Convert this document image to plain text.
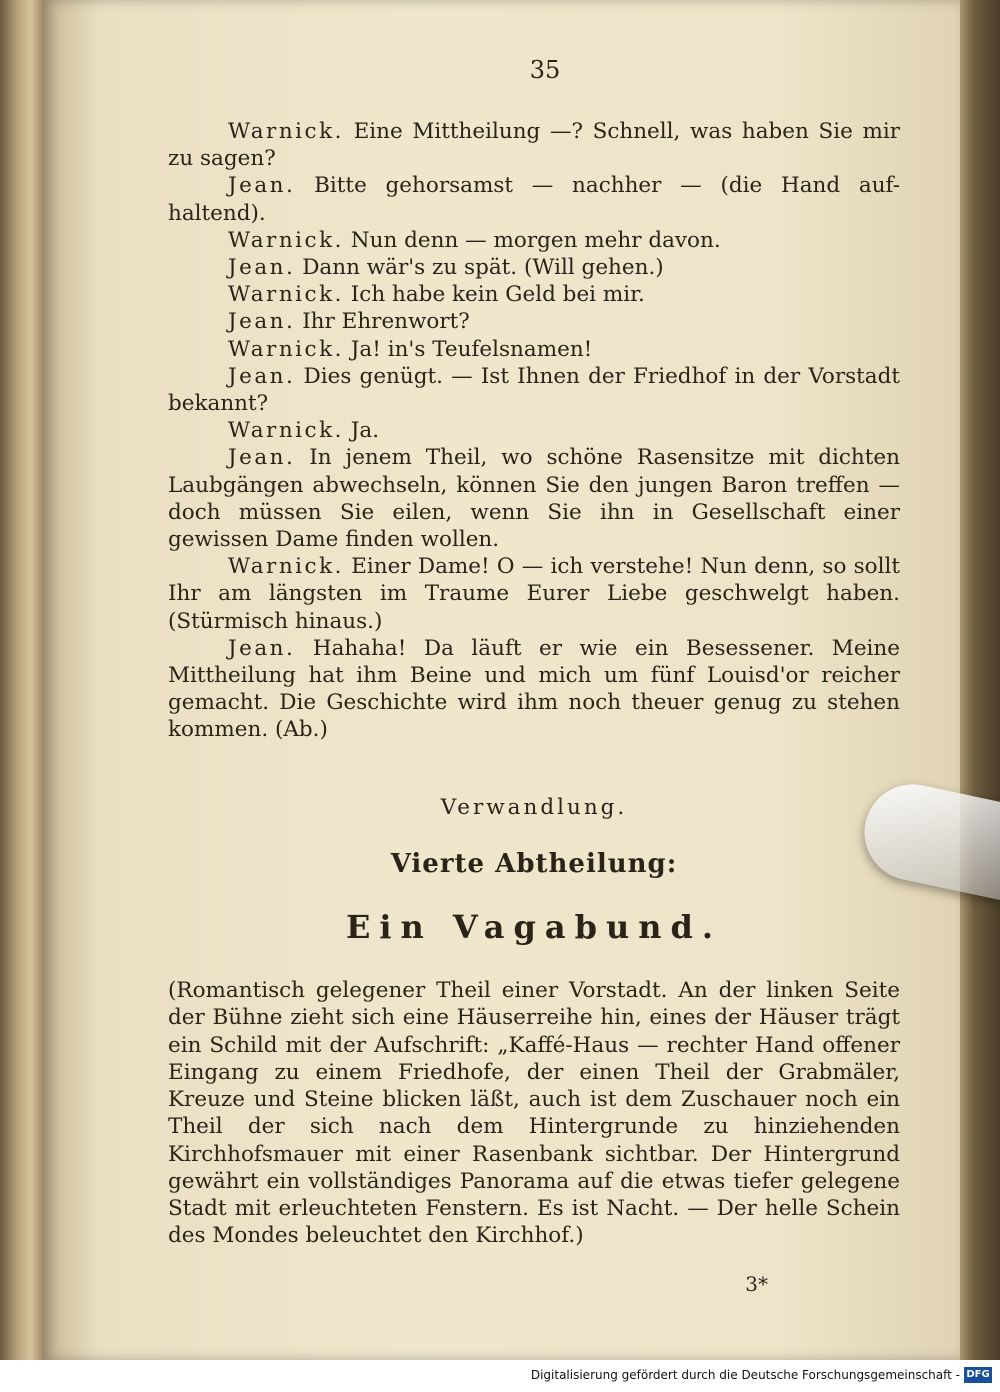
35

Warnick. Eine Mittheilung —? Schnell, was haben Sie mir zu sagen?

Jean. Bitte gehorsamst — nachher — (die Hand auf-haltend).

Warnick. Nun denn — morgen mehr davon.

Jean. Dann wär's zu spät. (Will gehen.)

Warnick. Ich habe kein Geld bei mir.

Jean. Ihr Ehrenwort?

Warnick. Ja! in's Teufelsnamen!

Jean. Dies genügt. — Ist Ihnen der Friedhof in der Vorstadt bekannt?

Warnick. Ja.

Jean. In jenem Theil, wo schöne Rasensitze mit dichten Laubgängen abwechseln, können Sie den jungen Baron treffen — doch müssen Sie eilen, wenn Sie ihn in Gesellschaft einer gewissen Dame finden wollen.

Warnick. Einer Dame! O — ich verstehe! Nun denn, so sollt Ihr am längsten im Traume Eurer Liebe geschwelgt haben. (Stürmisch hinaus.)

Jean. Hahaha! Da läuft er wie ein Besessener. Meine Mittheilung hat ihm Beine und mich um fünf Louisd'or reicher gemacht. Die Geschichte wird ihm noch theuer genug zu stehen kommen. (Ab.)

Verwandlung.

Vierte Abtheilung:

Ein Vagabund.

(Romantisch gelegener Theil einer Vorstadt. An der linken Seite der Bühne zieht sich eine Häuserreihe hin, eines der Häuser trägt ein Schild mit der Aufschrift: „Kaffé-Haus — rechter Hand offener Eingang zu einem Friedhofe, der einen Theil der Grabmäler, Kreuze und Steine blicken läßt, auch ist dem Zuschauer noch ein Theil der sich nach dem Hintergrunde zu hinziehenden Kirchhofsmauer mit einer Rasenbank sichtbar. Der Hintergrund gewährt ein vollständiges Panorama auf die etwas tiefer gelegene Stadt mit erleuchteten Fenstern. Es ist Nacht. — Der helle Schein des Mondes beleuchtet den Kirchhof.)

3*
Digitalisierung gefördert durch die Deutsche Forschungsgemeinschaft - DFG
